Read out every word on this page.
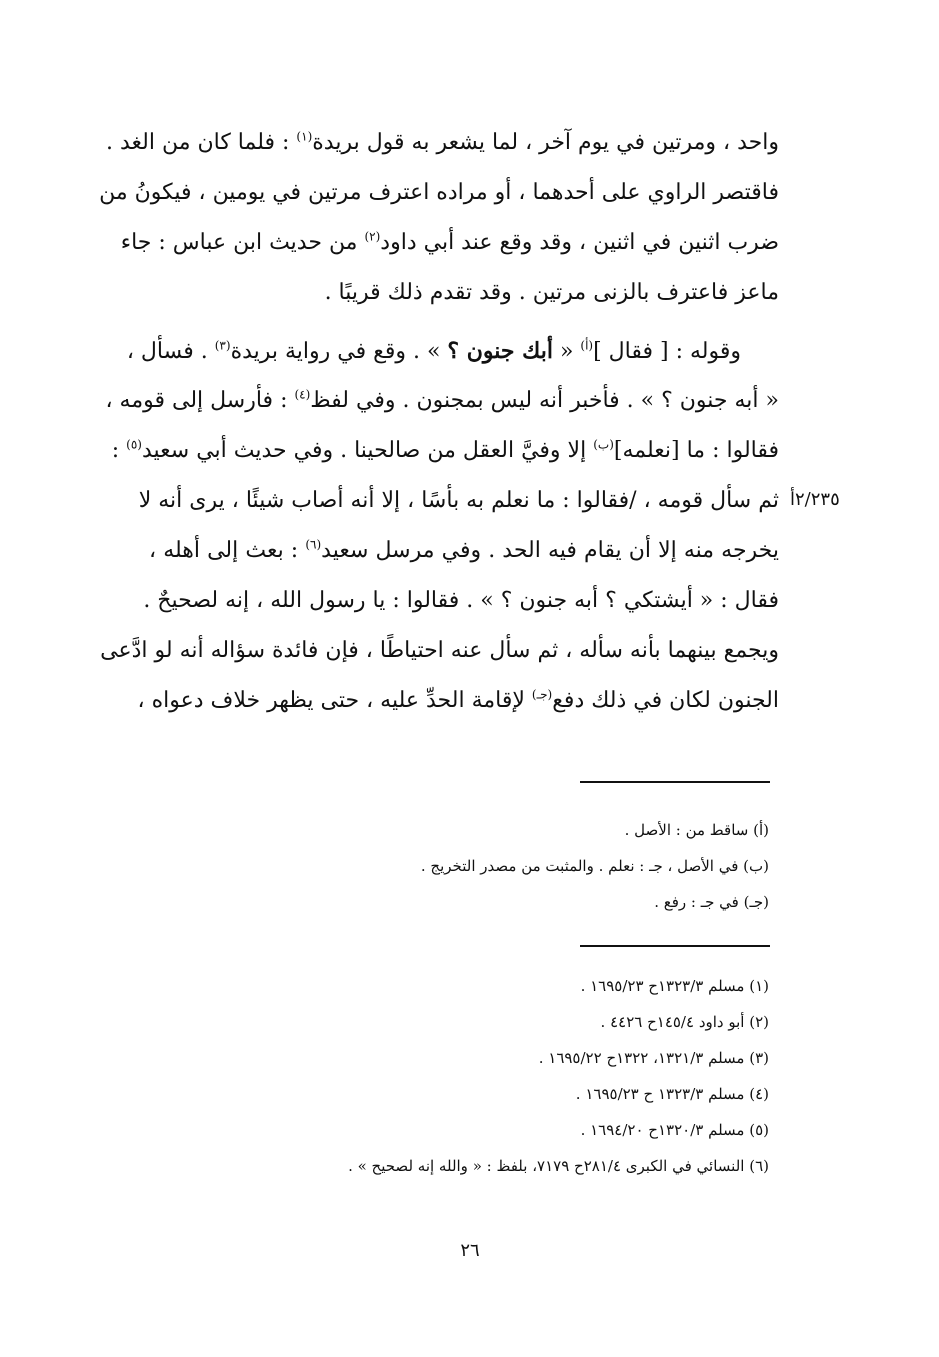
واحد ، ومرتين في يوم آخر ، لما يشعر به قول بريدة$^{(١)}$ : فلما كان من الغد .
فاقتصر الراوي على أحدهما ، أو مراده اعترف مرتين في يومين ، فيكونُ من
ضرب اثنين في اثنين ، وقد وقع عند أبي داود$^{(٢)}$ من حديث ابن عباس : جاء
ماعز فاعترف بالزنى مرتين . وقد تقدم ذلك قريبًا .
وقوله : [ فقال ]$^{(أ)}$ « أبك جنون ؟ » . وقع في رواية بريدة$^{(٣)}$ . فسأل ،
« أبه جنون ؟ » . فأخبر أنه ليس بمجنون . وفي لفظ$^{(٤)}$ : فأرسل إلى قومه ،
فقالوا : ما [نعلمه]$^{(ب)}$ إلا وفيَّ العقل من صالحينا . وفي حديث أبي سعيد$^{(٥)}$ :
ثم سأل قومه ، /فقالوا : ما نعلم به بأسًا ، إلا أنه أصاب شيئًا ، يرى أنه لا
يخرجه منه إلا أن يقام فيه الحد . وفي مرسل سعيد$^{(٦)}$ : بعث إلى أهله ،
فقال : « أيشتكي ؟ أبه جنون ؟ » . فقالوا : يا رسول الله ، إنه لصحيحٌ .
ويجمع بينهما بأنه سأله ، ثم سأل عنه احتياطًا ، فإن فائدة سؤاله أنه لو ادَّعى
الجنون لكان في ذلك دفع$^{(جـ)}$ لإقامة الحدِّ عليه ، حتى يظهر خلاف دعواه ،
٢/٢٣٥أ
(أ) ساقط من : الأصل .
(ب) في الأصل ، جـ : نعلم . والمثبت من مصدر التخريج .
(جـ) في جـ : رفع .
(١) مسلم ١٣٢٣/٣ح ١٦٩٥/٢٣ .
(٢) أبو داود ١٤٥/٤ح ٤٤٢٦ .
(٣) مسلم ١٣٢١/٣، ١٣٢٢ح ١٦٩٥/٢٢ .
(٤) مسلم ١٣٢٣/٣ ح ١٦٩٥/٢٣ .
(٥) مسلم ١٣٢٠/٣ح ١٦٩٤/٢٠ .
(٦) النسائي في الكبرى ٢٨١/٤ح ٧١٧٩، بلفظ : « والله إنه لصحيح » .
٢٦
